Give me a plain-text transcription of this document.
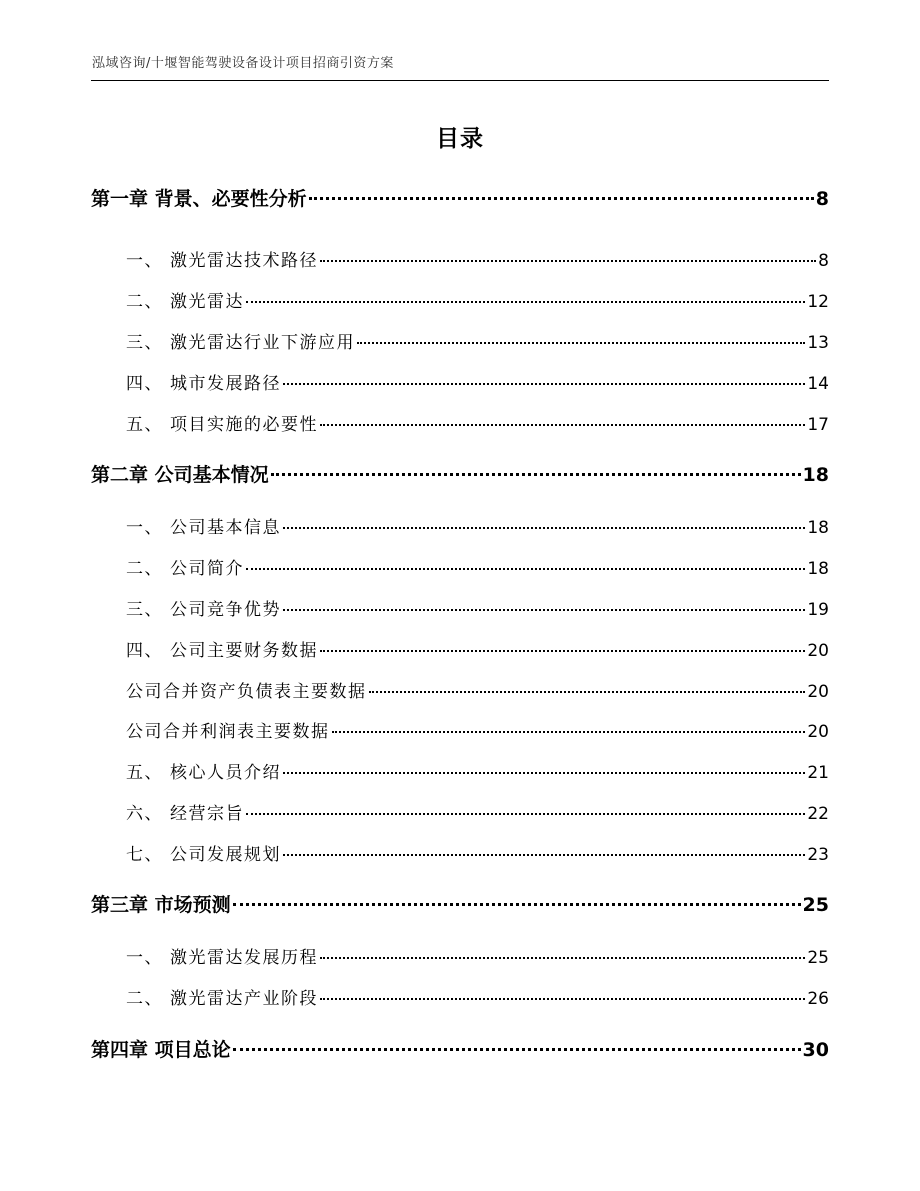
泓域咨询/十堰智能驾驶设备设计项目招商引资方案
目录
第一章 背景、必要性分析	8
一、 激光雷达技术路径	8
二、 激光雷达	12
三、 激光雷达行业下游应用	13
四、 城市发展路径	14
五、 项目实施的必要性	17
第二章 公司基本情况	18
一、 公司基本信息	18
二、 公司简介	18
三、 公司竞争优势	19
四、 公司主要财务数据	20
公司合并资产负债表主要数据	20
公司合并利润表主要数据	20
五、 核心人员介绍	21
六、 经营宗旨	22
七、 公司发展规划	23
第三章 市场预测	25
一、 激光雷达发展历程	25
二、 激光雷达产业阶段	26
第四章 项目总论	30
